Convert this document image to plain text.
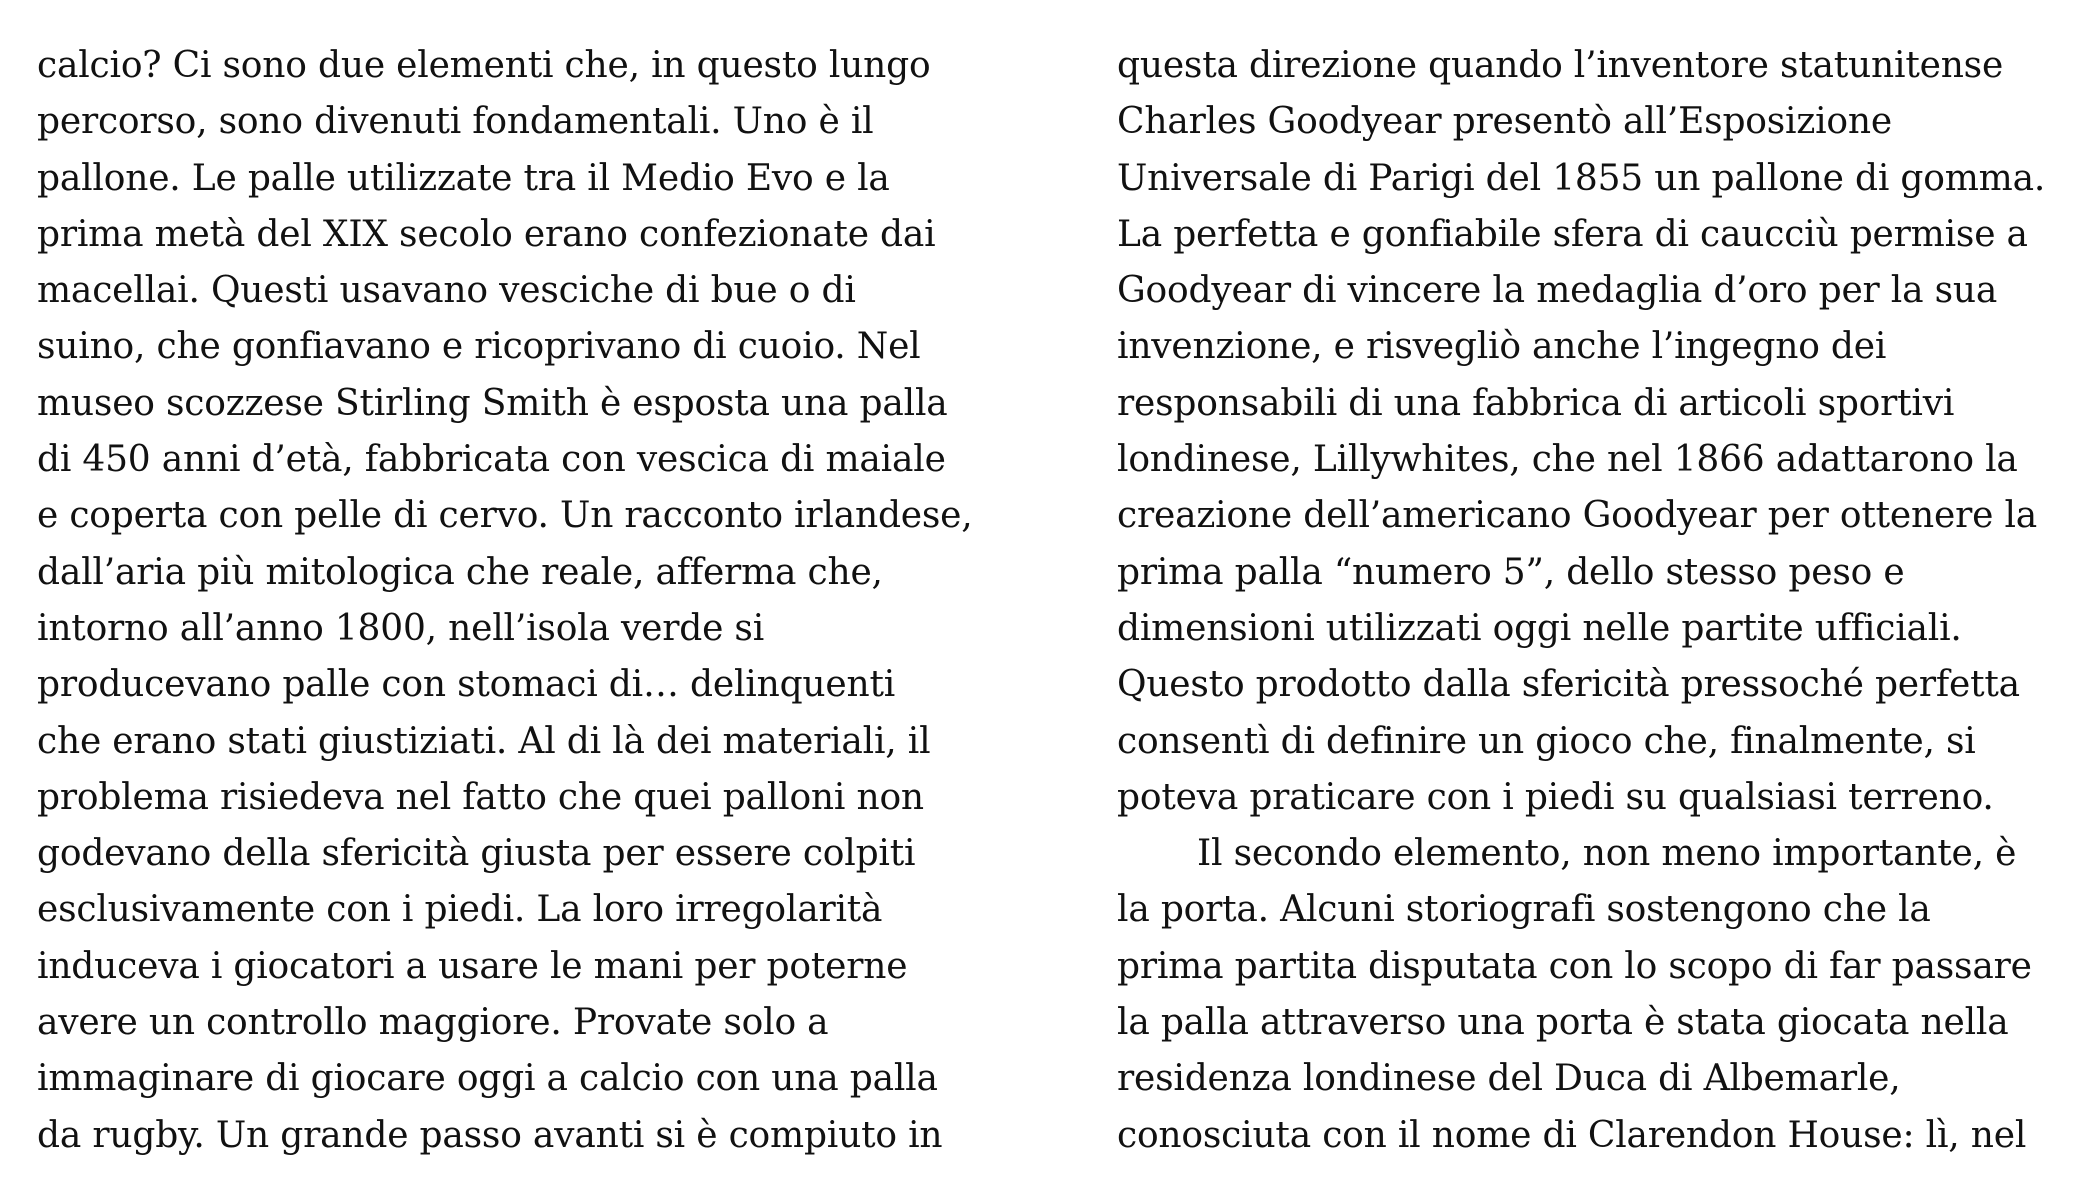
calcio? Ci sono due elementi che, in questo lungo
percorso, sono divenuti fondamentali. Uno è il
pallone. Le palle utilizzate tra il Medio Evo e la
prima metà del XIX secolo erano confezionate dai
macellai. Questi usavano vesciche di bue o di
suino, che gonfiavano e ricoprivano di cuoio. Nel
museo scozzese Stirling Smith è esposta una palla
di 450 anni d’età, fabbricata con vescica di maiale
e coperta con pelle di cervo. Un racconto irlandese,
dall’aria più mitologica che reale, afferma che,
intorno all’anno 1800, nell’isola verde si
producevano palle con stomaci di… delinquenti
che erano stati giustiziati. Al di là dei materiali, il
problema risiedeva nel fatto che quei palloni non
godevano della sfericità giusta per essere colpiti
esclusivamente con i piedi. La loro irregolarità
induceva i giocatori a usare le mani per poterne
avere un controllo maggiore. Provate solo a
immaginare di giocare oggi a calcio con una palla
da rugby. Un grande passo avanti si è compiuto in
questa direzione quando l’inventore statunitense
Charles Goodyear presentò all’Esposizione
Universale di Parigi del 1855 un pallone di gomma.
La perfetta e gonfiabile sfera di caucciù permise a
Goodyear di vincere la medaglia d’oro per la sua
invenzione, e risvegliò anche l’ingegno dei
responsabili di una fabbrica di articoli sportivi
londinese, Lillywhites, che nel 1866 adattarono la
creazione dell’americano Goodyear per ottenere la
prima palla “numero 5”, dello stesso peso e
dimensioni utilizzati oggi nelle partite ufficiali.
Questo prodotto dalla sfericità pressoché perfetta
consentì di definire un gioco che, finalmente, si
poteva praticare con i piedi su qualsiasi terreno.
Il secondo elemento, non meno importante, è
la porta. Alcuni storiografi sostengono che la
prima partita disputata con lo scopo di far passare
la palla attraverso una porta è stata giocata nella
residenza londinese del Duca di Albemarle,
conosciuta con il nome di Clarendon House: lì, nel
